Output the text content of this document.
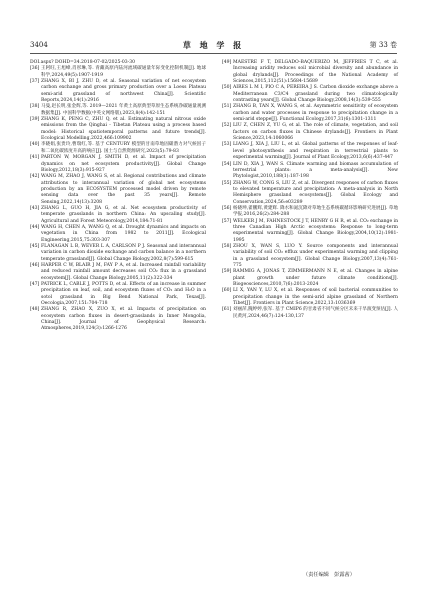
3404	草 地 学 报	第 33 卷
DOI.aspx? DOHD=34.2018-07-02/2025-03-30
[36] 王阿旺,王旭峰,肖彤琳,等. 青藏高原内陆河流域碳通量年际变化控制机制[J]. 地球科学,2024,49(5):1907-1919
[37] ZHANG X, BI J, ZHU D, et al. Seasonal variation of net ecosystem carbon exchange and gross primary production over a Loess Plateau semi-arid grassland of northwest China[J]. Scientific Reports,2024,14(1):2916
[38] 马曼,赵长明,张金辉,等. 2019—2021 年黄土高原典型草原生态系统净碳通量观测数据集[J]. 中国科学数据(中英文网络版),2023,8(4):142-151
[39] ZHANG K, PENG C, ZHU Q, et al. Estimating natural nitrous oxide emissions from the Qinghai - Tibetan Plateau using a process based model: Historical spatiotemporal patterns and future trends[J]. Ecological Modelling,2022,466:109902
[40] 李晓娟,张贵玲,曹瑞红,等. 基于 CENTURY 模型的甘南草地固碳潜力对气候因子和二氧化碳浓度升高的响应[J]. 国土与自然资源研究,2023(5):79-83
[41] PARTON W, MORGAN J, SMITH D, et al. Impact of precipitation dynamics on net ecosystem productivity[J]. Global Change Biology,2012,18(3):915-927
[42] WANG M, ZHAO J, WANG S, et al. Regional contributions and climate attributions to interannual variation of global net ecosystems production by an ECOSYSTEM processed model driven by remote sensing data over the past 35 years[J]. Remote Sensing,2022,14(13):3208
[43] ZHANG L, GUO H, JIA G, et al. Net ecosystem productivity of temperate grasslands in northern China: An upscaling study[J]. Agricultural and Forest Meteorology,2014,184:71-81
[44] WANG H, CHEN A, WANG Q, et al. Drought dynamics and impacts on vegetation in China from 1982 to 2011[J]. Ecological Engineering,2015,75:303-307
[45] FLANAGAN L B, WEVER L A, CARLSON P J. Seasonal and interannual variation in carbon dioxide exchange and carbon balance in a northern temperate grassland[J]. Global Change Biology,2002,8(7):599-615
[46] HARPER C W, BLAIR J M, FAY P A, et al. Increased rainfall variability and reduced rainfall amount decreases soil CO₂ flux in a grassland ecosystem[J]. Global Change Biology,2005,11(2):322-334
[47] PATRICK L, CABLE J, POTTS D, et al. Effects of an increase in summer precipitation on leaf, soil, and ecosystem fluxes of CO₂ and H₂O in a sotol grassland in Big Bend National Park, Texas[J]. Oecologia,2007,151:704-718
[48] ZHANG R, ZHAO X, ZUO X, et al. Impacts of precipitation on ecosystem carbon fluxes in desert-grasslands in Inner Mongolia, China[J]. Journal of Geophysical Research: Atmospheres,2019,124(3):1266-1276
[49] MAESTRE F T, DELGADO-BAQUERIZO M, JEFFRIES T C, et al. Increasing aridity reduces soil microbial diversity and abundance in global drylands[J]. Proceedings of the National Academy of Sciences,2015,112(51):15684-15689
[50] AIRES L M I, PIO C A, PEREIRA J S. Carbon dioxide exchange above a Mediterranean C3/C4 grassland during two climatologically contrasting years[J]. Global Change Biology,2008,14(3):539-555
[51] ZHANG B, TAN X, WANG S, et al. Asymmetric sensitivity of ecosystem carbon and water processes in response to precipitation change in a semi-arid steppe[J]. Functional Ecology,2017,31(6):1301-1311
[52] LIU Z, CHEN Z, YU G, et al. The role of climate, vegetation, and soil factors on carbon fluxes in Chinese drylands[J]. Frontiers in Plant Science,2023,14:1060066
[53] LIANG J, XIA J, LIU L, et al. Global patterns of the responses of leaf-level photosynthesis and respiration in terrestrial plants to experimental warming[J]. Journal of Plant Ecology,2013,6(6):437-447
[54] LIN D, XIA J, WAN S. Climate warming and biomass accumulation of terrestrial plants: a meta-analysis[J]. New Phytologist,2010,188(1):187-198
[55] ZHANG W, CONG S, LIU Z, et al. Divergent responses of carbon fluxes to elevated temperature and precipitation: A meta-analysis in North Hemisphere grassland ecosystems[J]. Global Ecology and Conservation,2024,56:e03289
[56] 杨晓坤,翟鹏辉,黄建辉. 降水和氮沉降对草地生态系统碳循环影响研究进展[J]. 草地学报,2016,26(2):284-288
[57] WELKER J M, FAHNESTOCK J T, HENRY G H R, et al. CO₂ exchange in three Canadian High Arctic ecosystems: Response to long-term experimental warming[J]. Global Change Biology,2004,10(12):1981-1995
[58] ZHOU X, WAN S, LUO Y. Source components and interannual variability of soil CO₂ efflux under experimental warming and clipping in a grassland ecosystem[J]. Global Change Biology,2007,13(4):761-775
[59] RAMMIG A, JONAS T, ZIMMERMANN N E, et al. Changes in alpine plant growth under future climate conditions[J]. Biogeosciences,2010,7(6):2013-2024
[60] LI X, YAN Y, LU X, et al. Responses of soil bacterial communities to precipitation change in the semi-arid alpine grassland of Northern Tibet[J]. Frontiers in Plant Science,2022,13:1036369
[61] 刘丽萍,隗婷婷,张军. 基于 CMIP6 的甘肃省不同气候分区未来干旱演变预估[J]. 人民黄河,2024,46(7):124-130,137
（责任编辑　彭露茜）
